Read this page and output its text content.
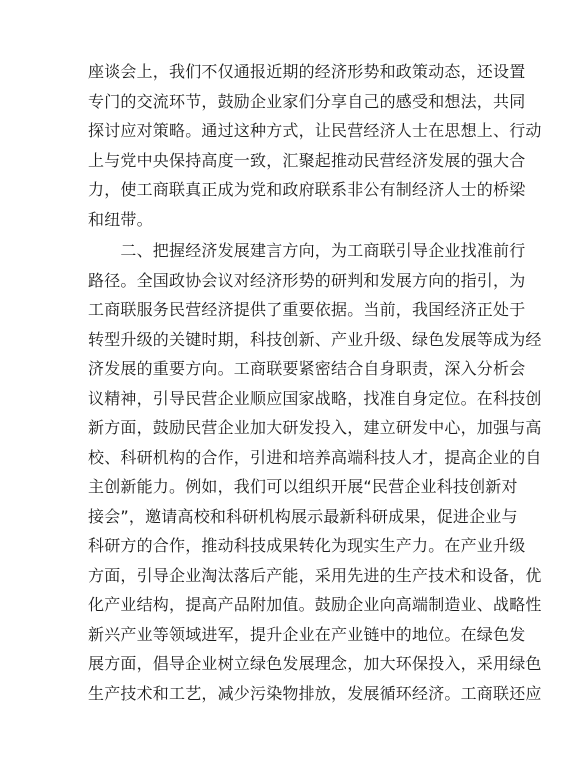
座谈会上，我们不仅通报近期的经济形势和政策动态，还设置
专门的交流环节，鼓励企业家们分享自己的感受和想法，共同
探讨应对策略。通过这种方式，让民营经济人士在思想上、行动
上与党中央保持高度一致，汇聚起推动民营经济发展的强大合
力，使工商联真正成为党和政府联系非公有制经济人士的桥梁
和纽带。
　　二、把握经济发展建言方向，为工商联引导企业找准前行
路径。全国政协会议对经济形势的研判和发展方向的指引，为
工商联服务民营经济提供了重要依据。当前，我国经济正处于
转型升级的关键时期，科技创新、产业升级、绿色发展等成为经
济发展的重要方向。工商联要紧密结合自身职责，深入分析会
议精神，引导民营企业顺应国家战略，找准自身定位。在科技创
新方面，鼓励民营企业加大研发投入，建立研发中心，加强与高
校、科研机构的合作，引进和培养高端科技人才，提高企业的自
主创新能力。例如，我们可以组织开展“民营企业科技创新对
接会”，邀请高校和科研机构展示最新科研成果，促进企业与
科研方的合作，推动科技成果转化为现实生产力。在产业升级
方面，引导企业淘汰落后产能，采用先进的生产技术和设备，优
化产业结构，提高产品附加值。鼓励企业向高端制造业、战略性
新兴产业等领域进军，提升企业在产业链中的地位。在绿色发
展方面，倡导企业树立绿色发展理念，加大环保投入，采用绿色
生产技术和工艺，减少污染物排放，发展循环经济。工商联还应
